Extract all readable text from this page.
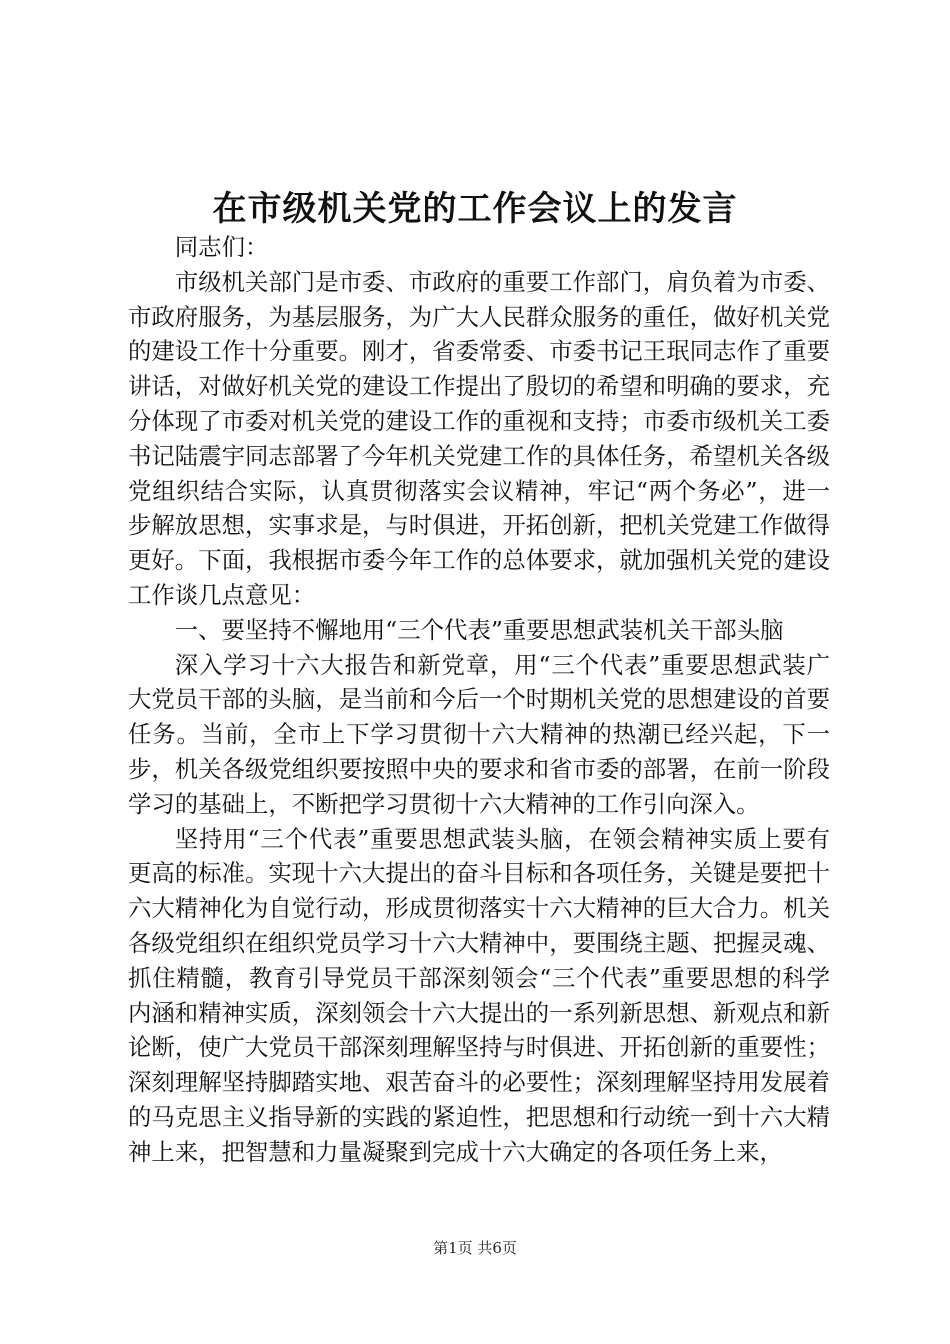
在市级机关党的工作会议上的发言

同志们：

市级机关部门是市委、市政府的重要工作部门，肩负着为市委、市政府服务，为基层服务，为广大人民群众服务的重任，做好机关党的建设工作十分重要。刚才，省委常委、市委书记王珉同志作了重要讲话，对做好机关党的建设工作提出了殷切的希望和明确的要求，充分体现了市委对机关党的建设工作的重视和支持；市委市级机关工委书记陆震宇同志部署了今年机关党建工作的具体任务，希望机关各级党组织结合实际，认真贯彻落实会议精神，牢记“两个务必”，进一步解放思想，实事求是，与时俱进，开拓创新，把机关党建工作做得更好。下面，我根据市委今年工作的总体要求，就加强机关党的建设工作谈几点意见：

一、要坚持不懈地用“三个代表”重要思想武装机关干部头脑

深入学习十六大报告和新党章，用“三个代表”重要思想武装广大党员干部的头脑，是当前和今后一个时期机关党的思想建设的首要任务。当前，全市上下学习贯彻十六大精神的热潮已经兴起，下一步，机关各级党组织要按照中央的要求和省市委的部署，在前一阶段学习的基础上，不断把学习贯彻十六大精神的工作引向深入。

坚持用“三个代表”重要思想武装头脑，在领会精神实质上要有更高的标准。实现十六大提出的奋斗目标和各项任务，关键是要把十六大精神化为自觉行动，形成贯彻落实十六大精神的巨大合力。机关各级党组织在组织党员学习十六大精神中，要围绕主题、把握灵魂、抓住精髓，教育引导党员干部深刻领会“三个代表”重要思想的科学内涵和精神实质，深刻领会十六大提出的一系列新思想、新观点和新论断，使广大党员干部深刻理解坚持与时俱进、开拓创新的重要性；深刻理解坚持脚踏实地、艰苦奋斗的必要性；深刻理解坚持用发展着的马克思主义指导新的实践的紧迫性，把思想和行动统一到十六大精神上来，把智慧和力量凝聚到完成十六大确定的各项任务上来，

第1页 共6页
